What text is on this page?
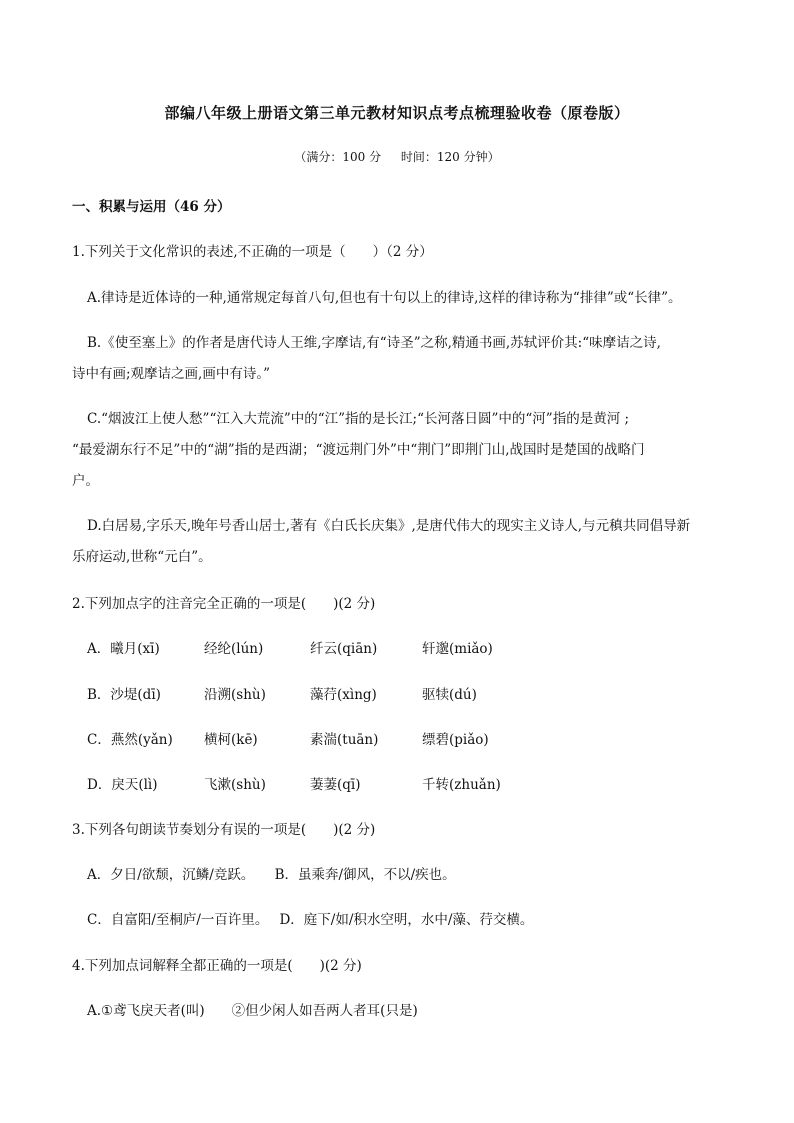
部编八年级上册语文第三单元教材知识点考点梳理验收卷（原卷版）
（满分：100 分 时间：120 分钟）
一、积累与运用（46 分）
1.下列关于文化常识的表述,不正确的一项是（　　）（2 分）
A.律诗是近体诗的一种,通常规定每首八句,但也有十句以上的律诗,这样的律诗称为“排律”或“长律”。
B.《使至塞上》的作者是唐代诗人王维,字摩诘,有“诗圣”之称,精通书画,苏轼评价其:“味摩诘之诗,
诗中有画;观摩诘之画,画中有诗。”
C.“烟波江上使人愁”“江入大荒流”中的“江”指的是长江;“长河落日圆”中的“河”指的是黄河 ;
“最爱湖东行不足”中的“湖”指的是西湖；“渡远荆门外”中“荆门”即荆门山,战国时是楚国的战略门
户。
D.白居易,字乐天,晚年号香山居士,著有《白氏长庆集》,是唐代伟大的现实主义诗人,与元稹共同倡导新
乐府运动,世称“元白”。
2.下列加点字的注音完全正确的一项是(　　)(2 分)
A．曦月(xī)	经纶(lún)	纤云(qiān)	轩邈(miǎo)
B．沙堤(dī)	沿溯(shù)	藻荇(xìng)	驱犊(dú)
C．燕然(yǎn) 横柯(kē)	素湍(tuān)	缥碧(piǎo)
D．戾天(lì)	飞漱(shù)	萋萋(qī)	千转(zhuǎn)
3.下列各句朗读节奏划分有误的一项是(　　)(2 分)
A．夕日/欲颓，沉鳞/竞跃。　　B．虽乘奔/御风，不以/疾也。
C．自富阳/至桐庐/一百许里。　 D．庭下/如/积水空明，水中/藻、荇交横。
4.下列加点词解释全都正确的一项是(　　)(2 分)
A.①鸢飞戾天者(叫)　　②但少闲人如吾两人者耳(只是)
